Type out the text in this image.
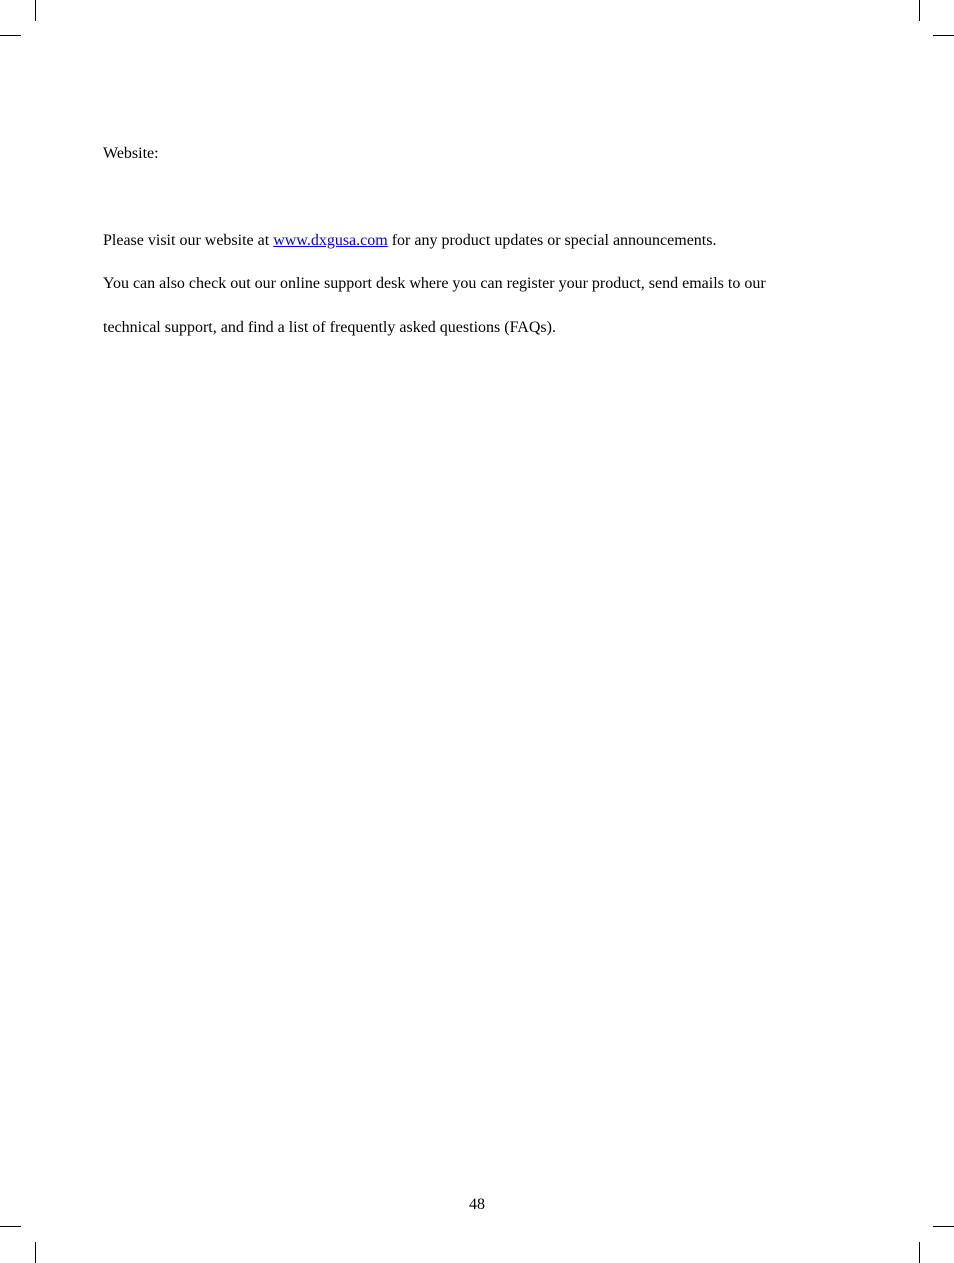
Website:
Please visit our website at www.dxgusa.com for any product updates or special announcements.
You can also check out our online support desk where you can register your product, send emails to our
technical support, and find a list of frequently asked questions (FAQs).
48
